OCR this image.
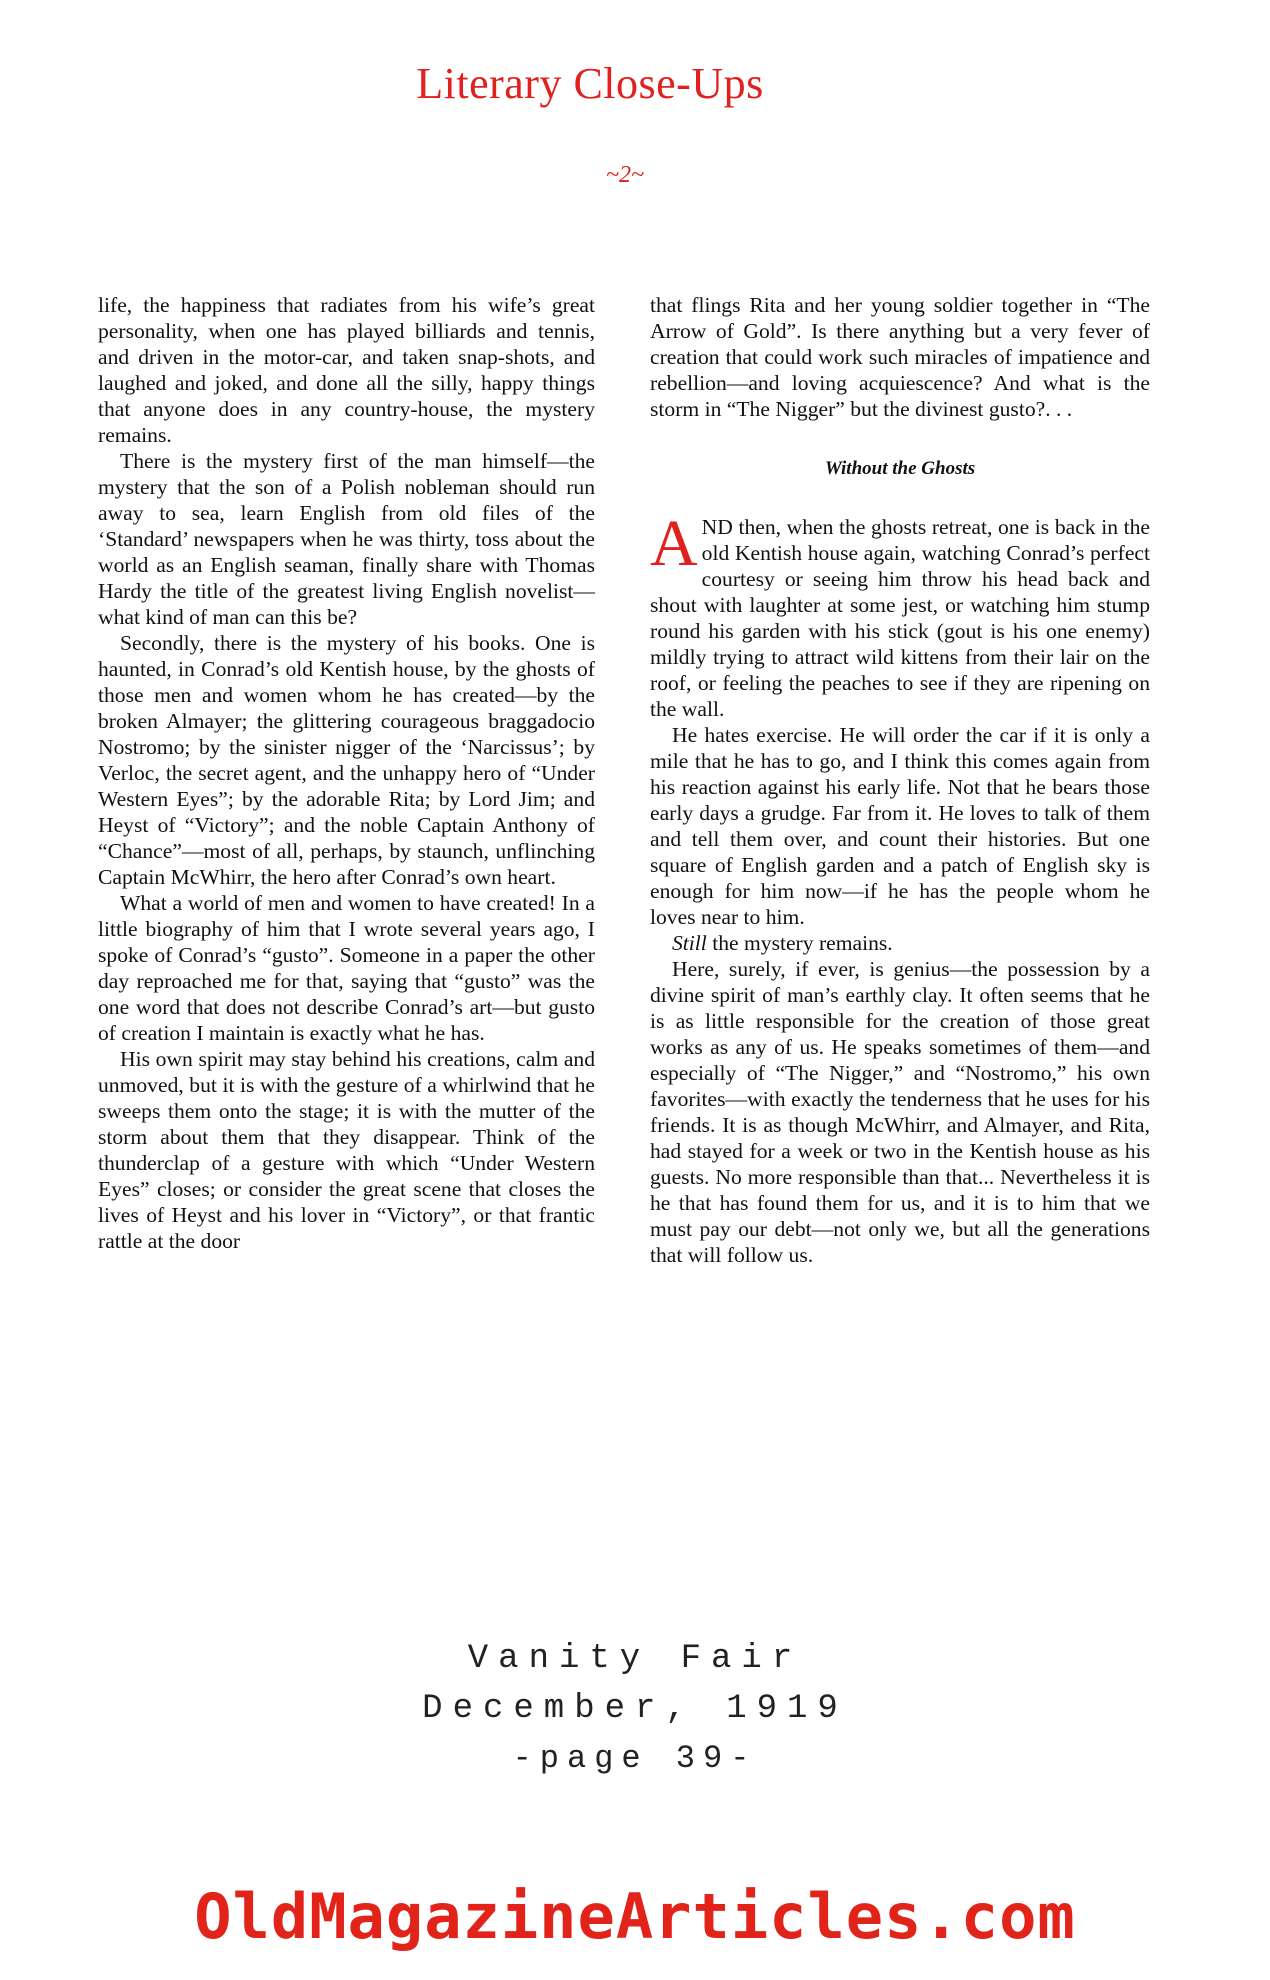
Literary Close-Ups
~2~

life, the happiness that radiates from his wife’s great personality, when one has played billiards and tennis, and driven in the motor-car, and taken snap-shots, and laughed and joked, and done all the silly, happy things that anyone does in any country-house, the mystery remains.

There is the mystery first of the man himself—the mystery that the son of a Polish nobleman should run away to sea, learn English from old files of the ‘Standard’ newspapers when he was thirty, toss about the world as an English seaman, finally share with Thomas Hardy the title of the greatest living English novelist—what kind of man can this be?

Secondly, there is the mystery of his books. One is haunted, in Conrad’s old Kentish house, by the ghosts of those men and women whom he has created—by the broken Almayer; the glittering courageous braggadocio Nostromo; by the sinister nigger of the ‘Narcissus’; by Verloc, the secret agent, and the unhappy hero of “Under Western Eyes”; by the adorable Rita; by Lord Jim; and Heyst of “Victory”; and the noble Captain Anthony of “Chance”—most of all, perhaps, by staunch, unflinching Captain McWhirr, the hero after Conrad’s own heart.

What a world of men and women to have created! In a little biography of him that I wrote several years ago, I spoke of Conrad’s “gusto”. Someone in a paper the other day reproached me for that, saying that “gusto” was the one word that does not describe Conrad’s art—but gusto of creation I maintain is exactly what he has.

His own spirit may stay behind his creations, calm and unmoved, but it is with the gesture of a whirlwind that he sweeps them onto the stage; it is with the mutter of the storm about them that they disappear. Think of the thunderclap of a gesture with which “Under Western Eyes” closes; or consider the great scene that closes the lives of Heyst and his lover in “Victory”, or that frantic rattle at the door

that flings Rita and her young soldier together in “The Arrow of Gold”. Is there anything but a very fever of creation that could work such miracles of impatience and rebellion—and loving acquiescence? And what is the storm in “The Nigger” but the divinest gusto?. . .

Without the Ghosts

AND then, when the ghosts retreat, one is back in the old Kentish house again, watching Conrad’s perfect courtesy or seeing him throw his head back and shout with laughter at some jest, or watching him stump round his garden with his stick (gout is his one enemy) mildly trying to attract wild kittens from their lair on the roof, or feeling the peaches to see if they are ripening on the wall.

He hates exercise. He will order the car if it is only a mile that he has to go, and I think this comes again from his reaction against his early life. Not that he bears those early days a grudge. Far from it. He loves to talk of them and tell them over, and count their histories. But one square of English garden and a patch of English sky is enough for him now—if he has the people whom he loves near to him.

Still the mystery remains.

Here, surely, if ever, is genius—the possession by a divine spirit of man’s earthly clay. It often seems that he is as little responsible for the creation of those great works as any of us. He speaks sometimes of them—and especially of “The Nigger,” and “Nostromo,” his own favorites—with exactly the tenderness that he uses for his friends. It is as though McWhirr, and Almayer, and Rita, had stayed for a week or two in the Kentish house as his guests. No more responsible than that... Nevertheless it is he that has found them for us, and it is to him that we must pay our debt—not only we, but all the generations that will follow us.

Vanity Fair
December, 1919
-page 39-
OldMagazineArticles.com
